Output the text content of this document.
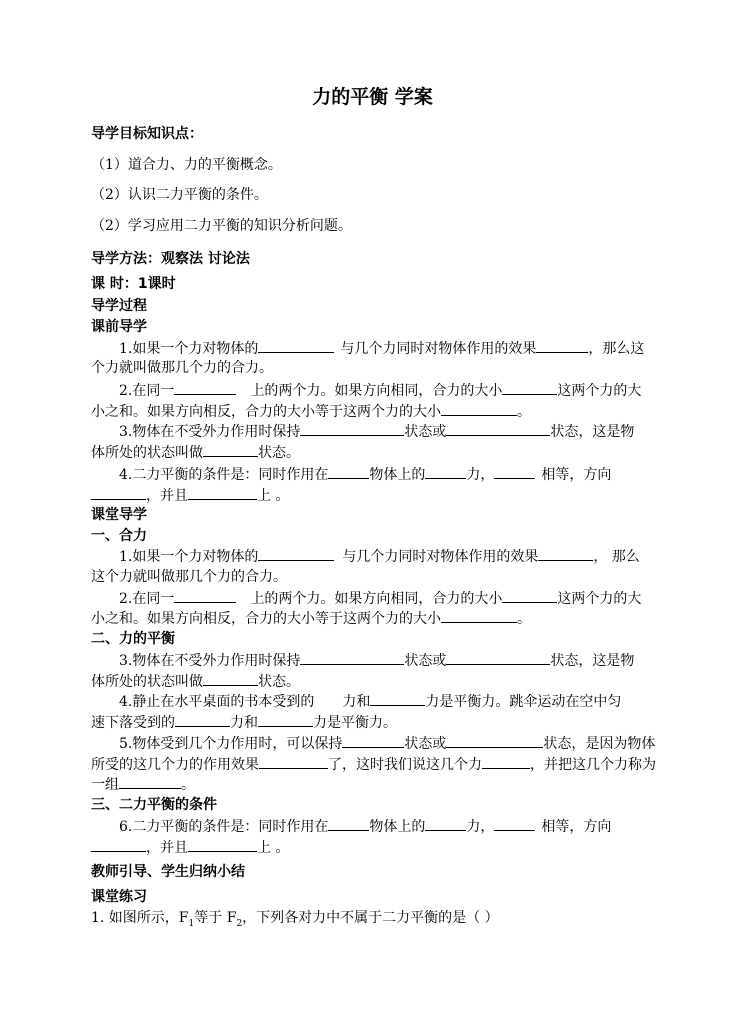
力的平衡 学案
导学目标知识点：
（1）道合力、力的平衡概念。
（2）认识二力平衡的条件。
（2）学习应用二力平衡的知识分析问题。
导学方法：观察法 讨论法
课 时：1课时
导学过程
课前导学
1.如果一个力对物体的	与几个力同时对物体作用的效果	，那么这
个力就叫做那几个力的合力。
2.在同一	上的两个力。如果方向相同，合力的大小	这两个力的大
小之和。如果方向相反，合力的大小等于这两个力的大小	。
3.物体在不受外力作用时保持	状态或	状态，这是物
体所处的状态叫做	状态。
4.二力平衡的条件是：同时作用在	物体上的	力，	相等，方向
，并且	上 。
课堂导学
一、合力
1.如果一个力对物体的	与几个力同时对物体作用的效果	， 那么
这个力就叫做那几个力的合力。
2.在同一	上的两个力。如果方向相同，合力的大小	这两个力的大
小之和。如果方向相反，合力的大小等于这两个力的大小	。
二、力的平衡
3.物体在不受外力作用时保持	状态或	状态，这是物
体所处的状态叫做	状态。
4.静止在水平桌面的书本受到的 力和	力是平衡力。跳伞运动在空中匀
速下落受到的	力和	力是平衡力。
5.物体受到几个力作用时，可以保持	状态或	状态，是因为物体
所受的这几个力的作用效果	了，这时我们说这几个力	，并把这几个力称为
一组	。
三、二力平衡的条件
6.二力平衡的条件是：同时作用在	物体上的	力，	相等，方向
，并且	上 。
教师引导、学生归纳小结
课堂练习
1. 如图所示，$F_1$等于 $F_2$，下列各对力中不属于二力平衡的是（ ）
